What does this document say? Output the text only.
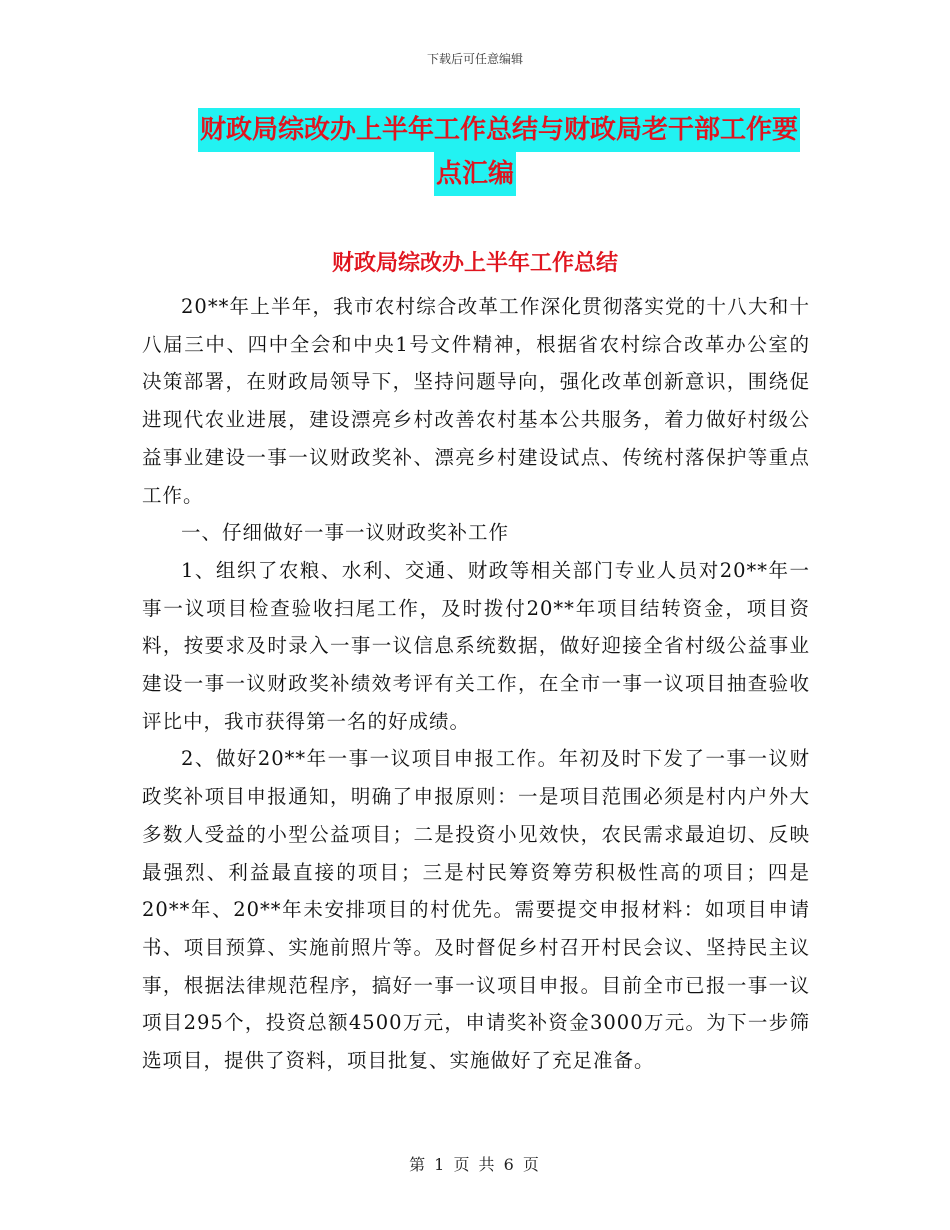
下载后可任意编辑
财政局综改办上半年工作总结与财政局老干部工作要
点汇编
财政局综改办上半年工作总结

20**年上半年，我市农村综合改革工作深化贯彻落实党的十八大和十八届三中、四中全会和中央1号文件精神，根据省农村综合改革办公室的决策部署，在财政局领导下，坚持问题导向，强化改革创新意识，围绕促进现代农业进展，建设漂亮乡村改善农村基本公共服务，着力做好村级公益事业建设一事一议财政奖补、漂亮乡村建设试点、传统村落保护等重点工作。

一、仔细做好一事一议财政奖补工作

1、组织了农粮、水利、交通、财政等相关部门专业人员对20**年一事一议项目检查验收扫尾工作，及时拨付20**年项目结转资金，项目资料，按要求及时录入一事一议信息系统数据，做好迎接全省村级公益事业建设一事一议财政奖补绩效考评有关工作，在全市一事一议项目抽查验收评比中，我市获得第一名的好成绩。

2、做好20**年一事一议项目申报工作。年初及时下发了一事一议财政奖补项目申报通知，明确了申报原则：一是项目范围必须是村内户外大多数人受益的小型公益项目；二是投资小见效快，农民需求最迫切、反映最强烈、利益最直接的项目；三是村民筹资筹劳积极性高的项目；四是20**年、20**年未安排项目的村优先。需要提交申报材料：如项目申请书、项目预算、实施前照片等。及时督促乡村召开村民会议、坚持民主议事，根据法律规范程序，搞好一事一议项目申报。目前全市已报一事一议项目295个，投资总额4500万元，申请奖补资金3000万元。为下一步筛选项目，提供了资料，项目批复、实施做好了充足准备。

第 1 页 共 6 页
